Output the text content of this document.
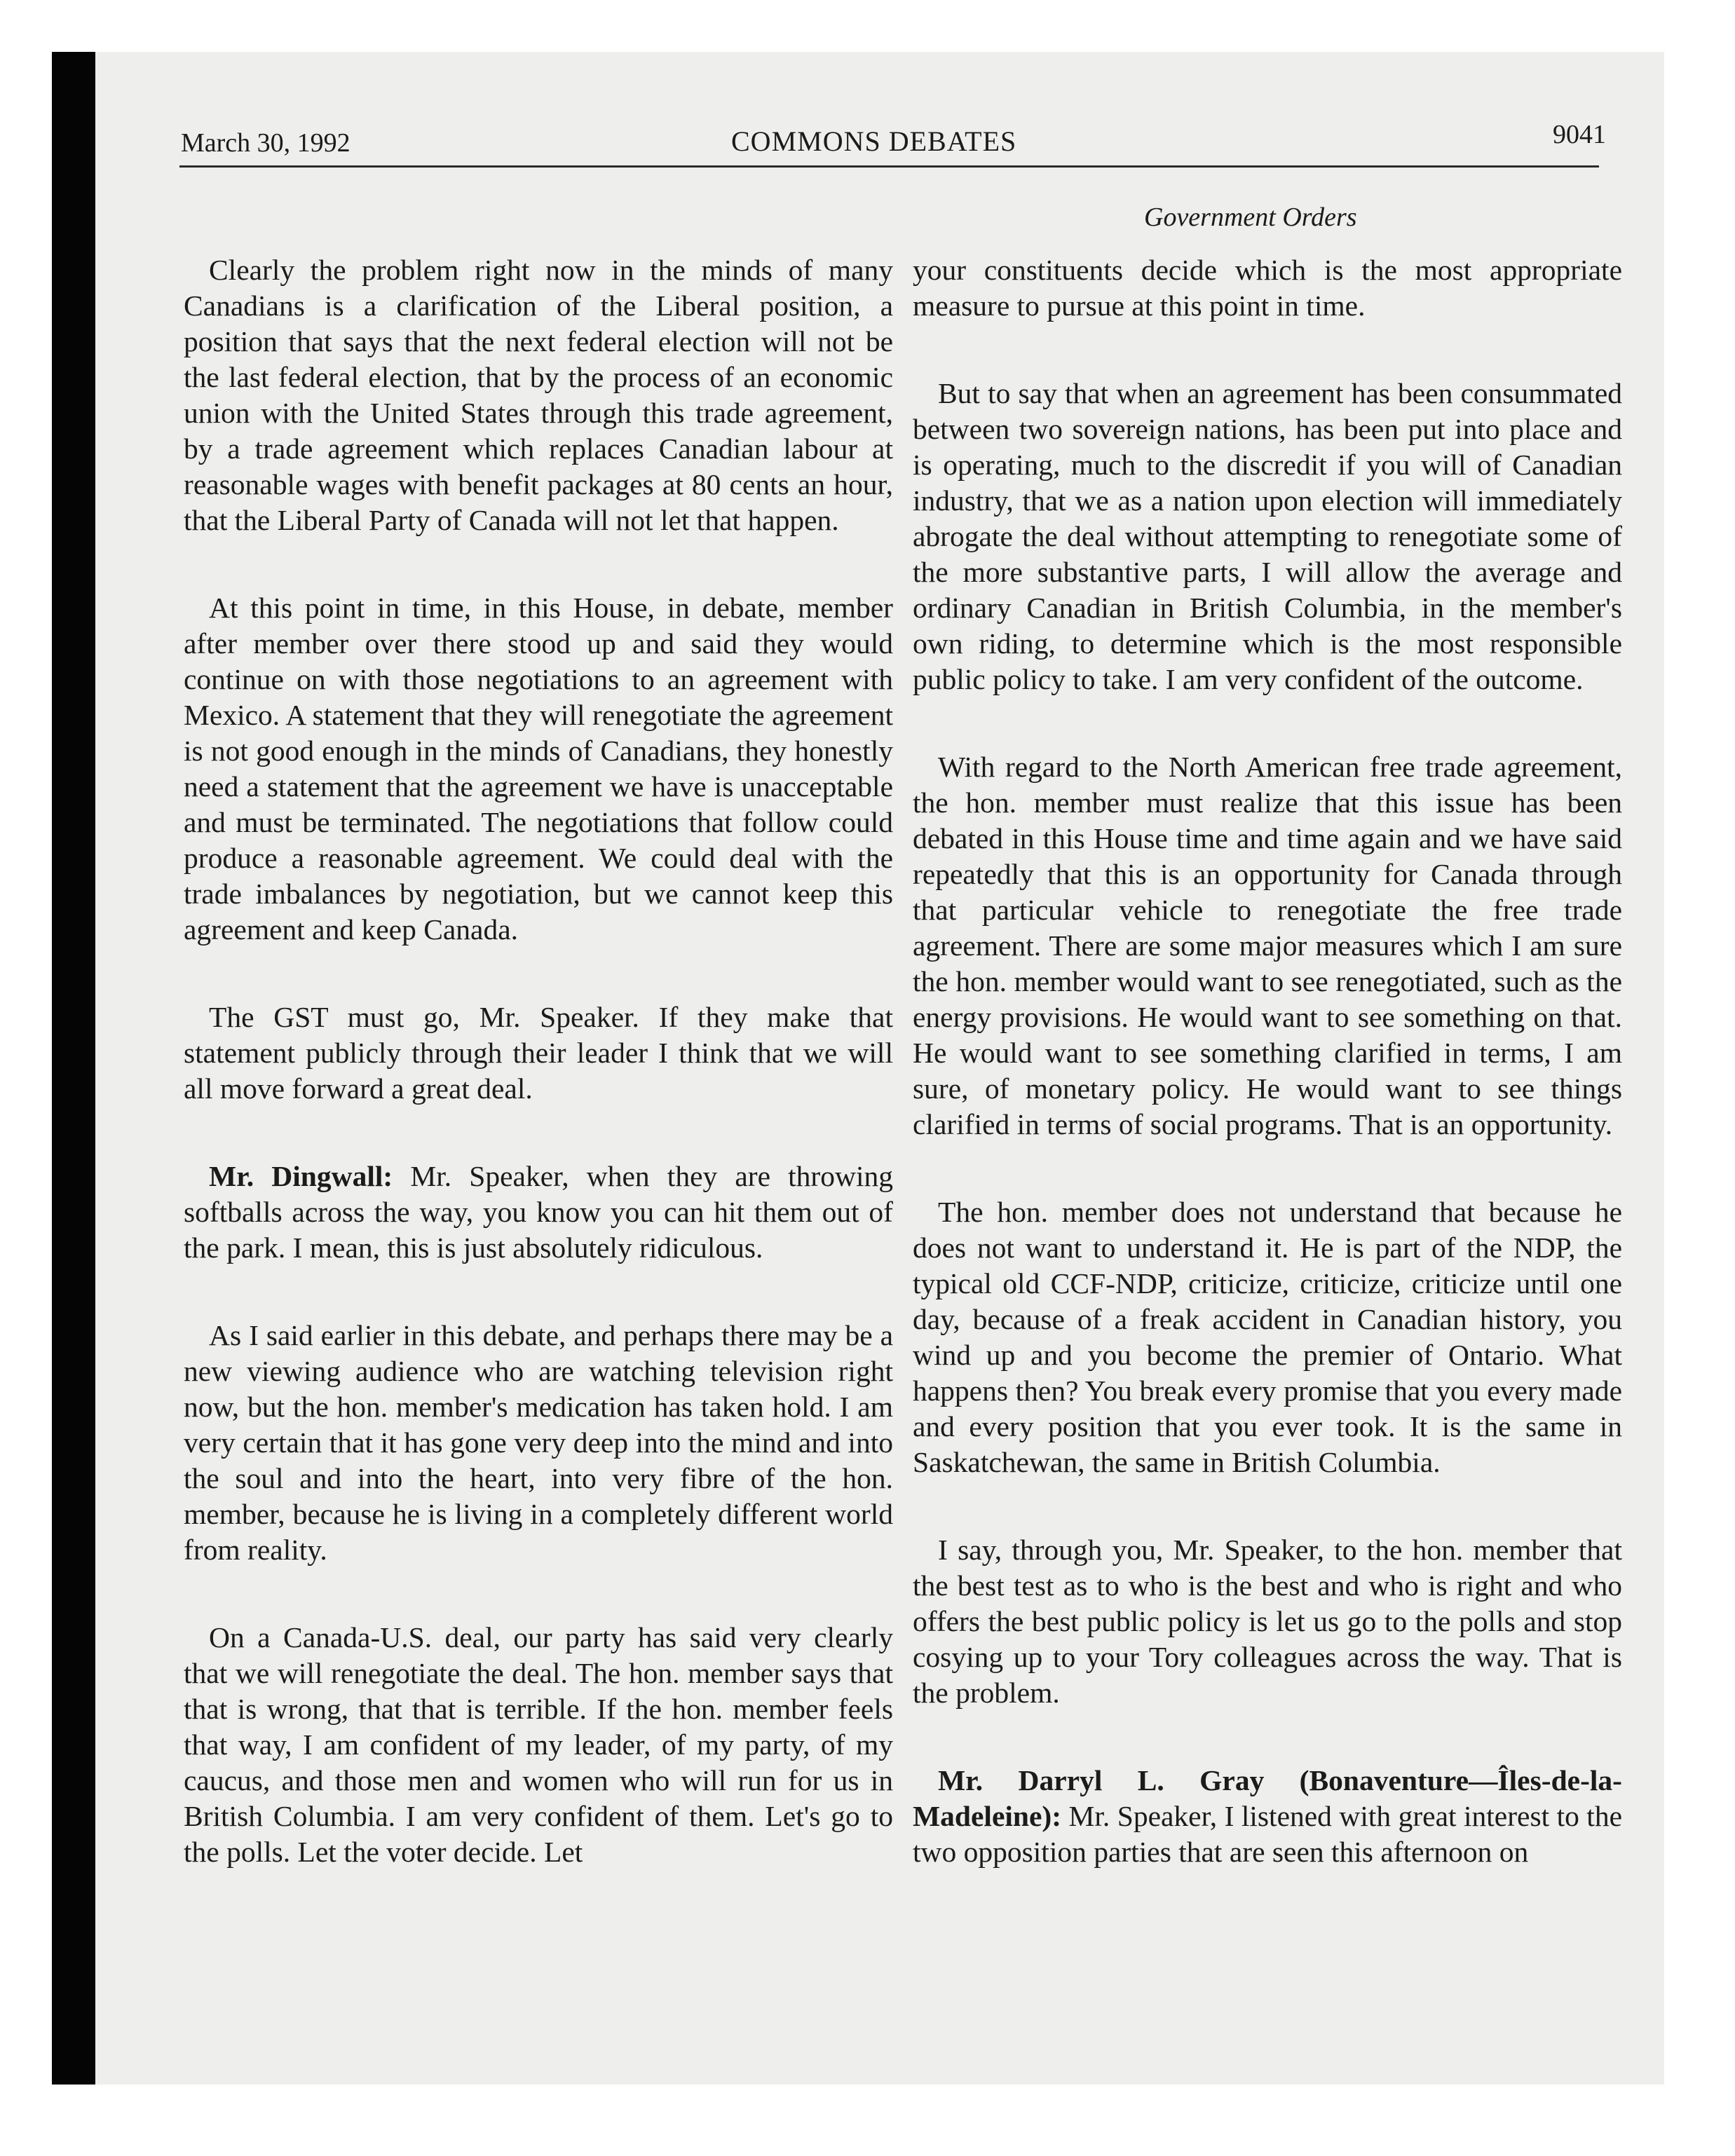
March 30, 1992	COMMONS DEBATES	9041
Government Orders

Clearly the problem right now in the minds of many Canadians is a clarification of the Liberal position, a position that says that the next federal election will not be the last federal election, that by the process of an economic union with the United States through this trade agreement, by a trade agreement which replaces Canadian labour at reasonable wages with benefit packages at 80 cents an hour, that the Liberal Party of Canada will not let that happen.

At this point in time, in this House, in debate, member after member over there stood up and said they would continue on with those negotiations to an agreement with Mexico. A statement that they will renegotiate the agreement is not good enough in the minds of Canadians, they honestly need a statement that the agreement we have is unacceptable and must be terminated. The negotiations that follow could produce a reasonable agreement. We could deal with the trade imbalances by negotiation, but we cannot keep this agreement and keep Canada.

The GST must go, Mr. Speaker. If they make that statement publicly through their leader I think that we will all move forward a great deal.

Mr. Dingwall: Mr. Speaker, when they are throwing softballs across the way, you know you can hit them out of the park. I mean, this is just absolutely ridiculous.

As I said earlier in this debate, and perhaps there may be a new viewing audience who are watching television right now, but the hon. member's medication has taken hold. I am very certain that it has gone very deep into the mind and into the soul and into the heart, into very fibre of the hon. member, because he is living in a completely different world from reality.

On a Canada-U.S. deal, our party has said very clearly that we will renegotiate the deal. The hon. member says that that is wrong, that that is terrible. If the hon. member feels that way, I am confident of my leader, of my party, of my caucus, and those men and women who will run for us in British Columbia. I am very confident of them. Let's go to the polls. Let the voter decide. Let

your constituents decide which is the most appropriate measure to pursue at this point in time.

But to say that when an agreement has been consummated between two sovereign nations, has been put into place and is operating, much to the discredit if you will of Canadian industry, that we as a nation upon election will immediately abrogate the deal without attempting to renegotiate some of the more substantive parts, I will allow the average and ordinary Canadian in British Columbia, in the member's own riding, to determine which is the most responsible public policy to take. I am very confident of the outcome.

With regard to the North American free trade agreement, the hon. member must realize that this issue has been debated in this House time and time again and we have said repeatedly that this is an opportunity for Canada through that particular vehicle to renegotiate the free trade agreement. There are some major measures which I am sure the hon. member would want to see renegotiated, such as the energy provisions. He would want to see something on that. He would want to see something clarified in terms, I am sure, of monetary policy. He would want to see things clarified in terms of social programs. That is an opportunity.

The hon. member does not understand that because he does not want to understand it. He is part of the NDP, the typical old CCF-NDP, criticize, criticize, criticize until one day, because of a freak accident in Canadian history, you wind up and you become the premier of Ontario. What happens then? You break every promise that you every made and every position that you ever took. It is the same in Saskatchewan, the same in British Columbia.

I say, through you, Mr. Speaker, to the hon. member that the best test as to who is the best and who is right and who offers the best public policy is let us go to the polls and stop cosying up to your Tory colleagues across the way. That is the problem.

Mr. Darryl L. Gray (Bonaventure—Îles-de-la-Madeleine): Mr. Speaker, I listened with great interest to the two opposition parties that are seen this afternoon on
